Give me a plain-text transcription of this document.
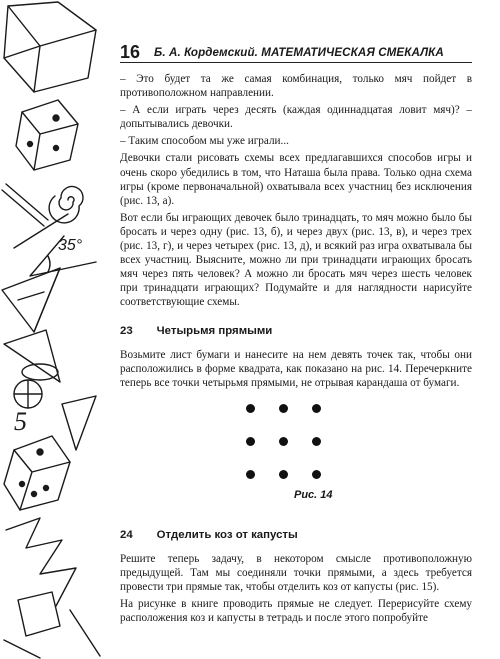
35°
5
16 Б. А. Кордемский. МАТЕМАТИЧЕСКАЯ СМЕКАЛКА

– Это будет та же самая комбинация, только мяч пойдет в противоположном направлении.

– А если играть через десять (каждая одиннадцатая ловит мяч)? – допытывались девочки.

– Таким способом мы уже играли...

Девочки стали рисовать схемы всех предлагавшихся способов игры и очень скоро убедились в том, что Наташа была права. Только одна схема игры (кроме первоначальной) охватывала всех участниц без исключения (рис. 13, а).

Вот если бы играющих девочек было тринадцать, то мяч можно было бы бросать и через одну (рис. 13, б), и через двух (рис. 13, в), и через трех (рис. 13, г), и через четырех (рис. 13, д), и всякий раз игра охватывала бы всех участниц. Выясните, можно ли при тринадцати играющих бросать мяч через пять человек? А можно ли бросать мяч через шесть человек при тринадцати играющих? Подумайте и для наглядности нарисуйте соответствующие схемы.

23 Четырьмя прямыми

Возьмите лист бумаги и нанесите на нем девять точек так, чтобы они расположились в форме квадрата, как показано на рис. 14. Перечеркните теперь все точки четырьмя прямыми, не отрывая карандаша от бумаги.

Рис. 14
24 Отделить коз от капусты

Решите теперь задачу, в некотором смысле противоположную предыдущей. Там мы соединяли точки прямыми, а здесь требуется провести три прямые так, чтобы отделить коз от капусты (рис. 15).

На рисунке в книге проводить прямые не следует. Перерисуйте схему расположения коз и капусты в тетрадь и после этого попробуйте
